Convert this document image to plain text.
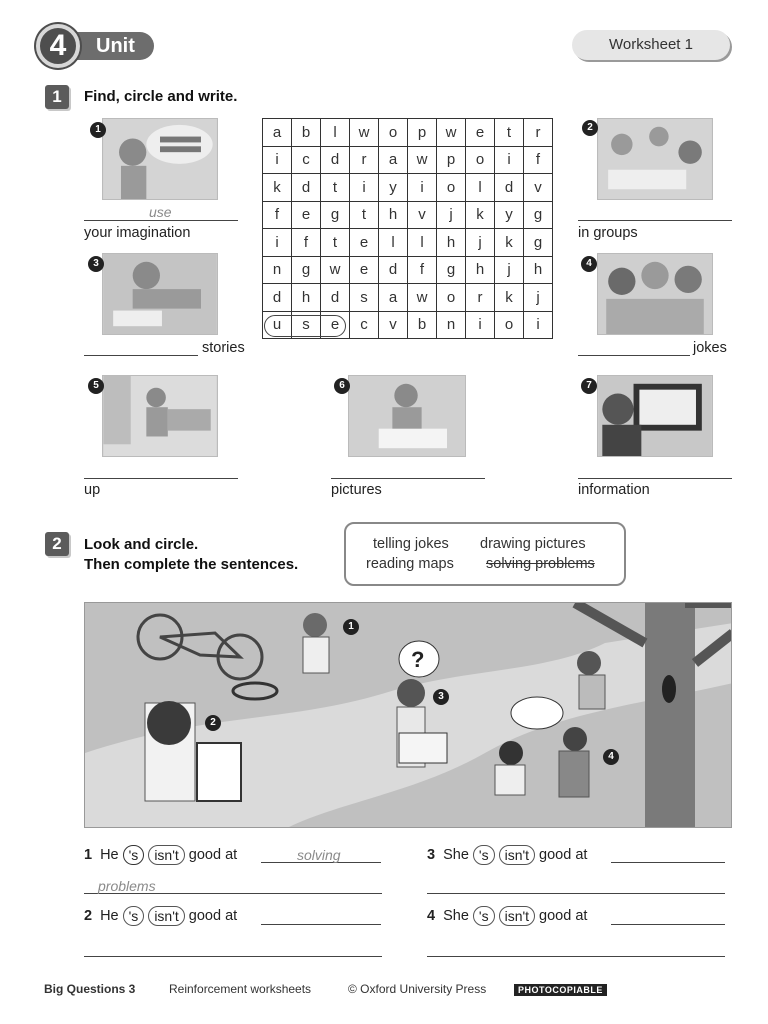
Unit
4	Worksheet 1
1	Find, circle and write.
1
use
your imagination
3
stories
5
up
6
pictures
a	b	l	w	o	p	w	e	t	r
i	c	d	r	a	w	p	o	i	f
k	d	t	i	y	i	o	l	d	v
f	e	g	t	h	v	j	k	y	g
i	f	t	e	l	l	h	j	k	g
n	g	w	e	d	f	g	h	j	h
d	h	d	s	a	w	o	r	k	j
u	s	e	c	v	b	n	i	o	i
2
in groups
4
jokes
7
information
2	Look and circle.
Then complete the sentences.
telling jokes drawing pictures
reading maps solving problems
1
2
3
4
?
1 He 's	isn't good at	solving
problems
2 He 's	isn't good at
3 She 's	isn't good at
4 She 's	isn't good at
Big Questions 3	Reinforcement worksheets	© Oxford University Press	PHOTOCOPIABLE
